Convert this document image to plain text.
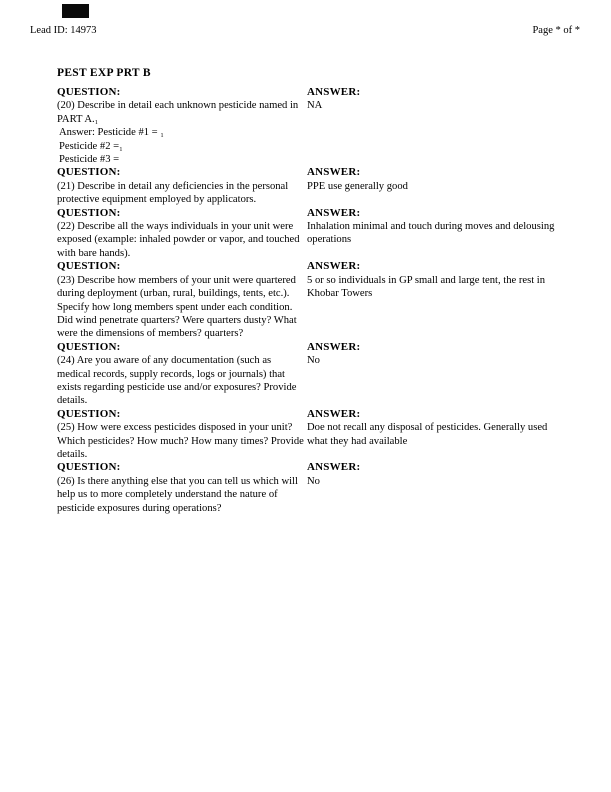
Lead ID: 14973	Page * of *
PEST EXP PRT B
QUESTION:
(20) Describe in detail each unknown pesticide named in PART A.₁
Answer: Pesticide #1 = ₁
Pesticide #2 =₁
Pesticide #3 =
ANSWER:
NA
QUESTION:
(21) Describe in detail any deficiencies in the personal protective equipment employed by applicators.
ANSWER:
PPE use generally good
QUESTION:
(22) Describe all the ways individuals in your unit were exposed (example: inhaled powder or vapor, and touched with bare hands).
ANSWER:
Inhalation minimal and touch during moves and delousing operations
QUESTION:
(23) Describe how members of your unit were quartered during deployment (urban, rural, buildings, tents, etc.). Specify how long members spent under each condition. Did wind penetrate quarters? Were quarters dusty? What were the dimensions of members? quarters?
ANSWER:
5 or so individuals in GP small and large tent, the rest in Khobar Towers
QUESTION:
(24) Are you aware of any documentation (such as medical records, supply records, logs or journals) that exists regarding pesticide use and/or exposures? Provide details.
ANSWER:
No
QUESTION:
(25) How were excess pesticides disposed in your unit? Which pesticides? How much? How many times? Provide details.
ANSWER:
Doe not recall any disposal of pesticides. Generally used what they had available
QUESTION:
(26) Is there anything else that you can tell us which will help us to more completely understand the nature of pesticide exposures during operations?
ANSWER:
No
